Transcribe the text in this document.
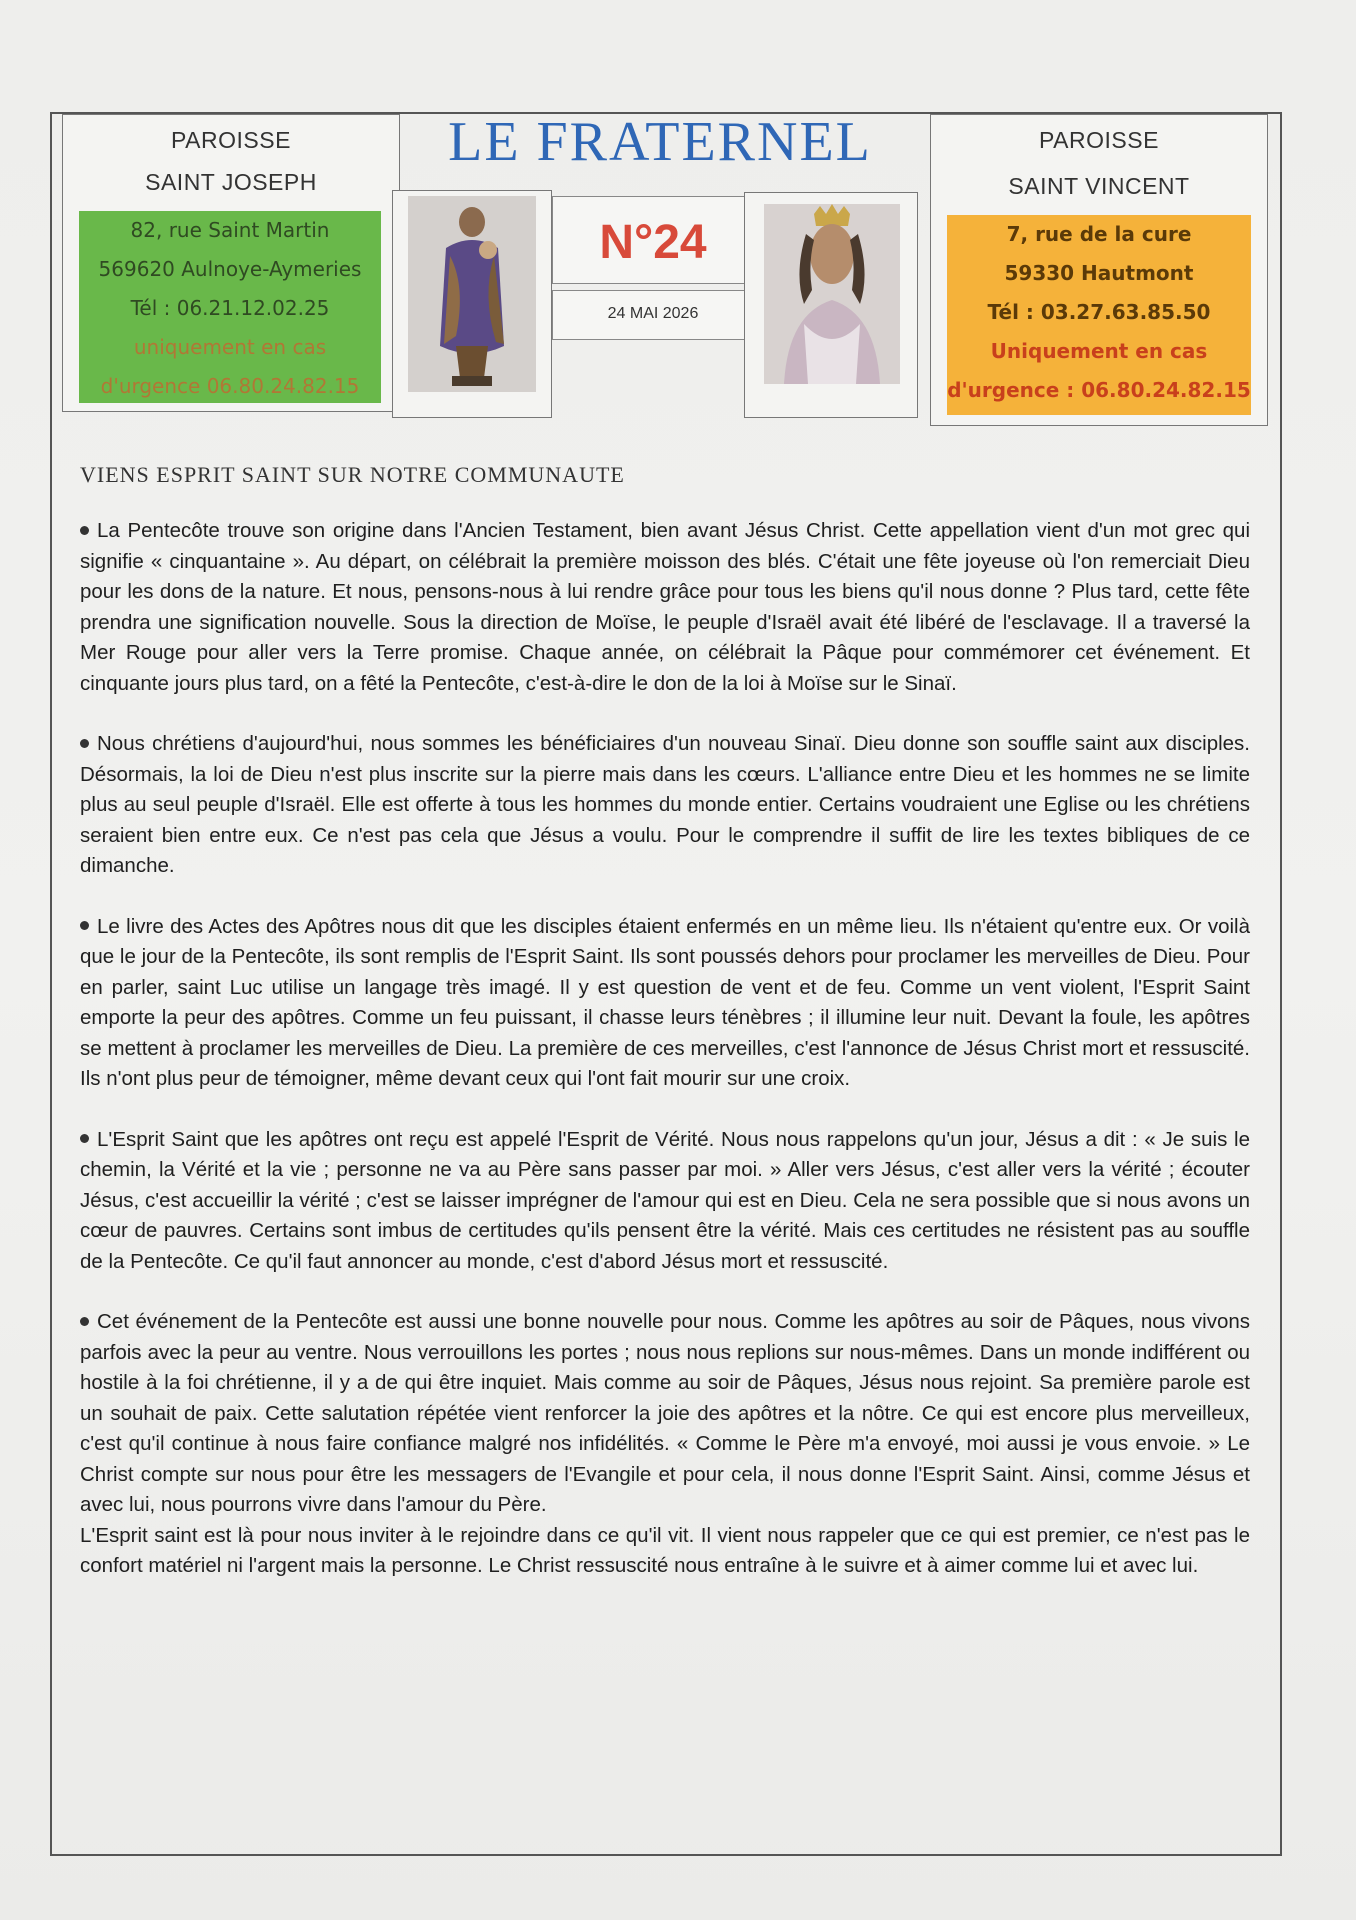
PAROISSE
SAINT JOSEPH
82, rue Saint Martin
569620 Aulnoye-Aymeries
Tél : 06.21.12.02.25
uniquement en cas
d'urgence 06.80.24.82.15
LE FRATERNEL
N°24
24 MAI 2026
PAROISSE
SAINT VINCENT
7, rue de la cure
59330 Hautmont
Tél : 03.27.63.85.50
Uniquement en cas
d'urgence : 06.80.24.82.15
VIENS ESPRIT SAINT SUR NOTRE COMMUNAUTE

La Pentecôte trouve son origine dans l'Ancien Testament, bien avant Jésus Christ. Cette appellation vient d'un mot grec qui signifie « cinquantaine ». Au départ, on célébrait la première moisson des blés. C'était une fête joyeuse où l'on remerciait Dieu pour les dons de la nature. Et nous, pensons-nous à lui rendre grâce pour tous les biens qu'il nous donne ? Plus tard, cette fête prendra une signification nouvelle. Sous la direction de Moïse, le peuple d'Israël avait été libéré de l'esclavage. Il a traversé la Mer Rouge pour aller vers la Terre promise. Chaque année, on célébrait la Pâque pour commémorer cet événement. Et cinquante jours plus tard, on a fêté la Pentecôte, c'est-à-dire le don de la loi à Moïse sur le Sinaï.

Nous chrétiens d'aujourd'hui, nous sommes les bénéficiaires d'un nouveau Sinaï. Dieu donne son souffle saint aux disciples. Désormais, la loi de Dieu n'est plus inscrite sur la pierre mais dans les cœurs. L'alliance entre Dieu et les hommes ne se limite plus au seul peuple d'Israël. Elle est offerte à tous les hommes du monde entier. Certains voudraient une Eglise ou les chrétiens seraient bien entre eux. Ce n'est pas cela que Jésus a voulu. Pour le comprendre il suffit de lire les textes bibliques de ce dimanche.

Le livre des Actes des Apôtres nous dit que les disciples étaient enfermés en un même lieu. Ils n'étaient qu'entre eux. Or voilà que le jour de la Pentecôte, ils sont remplis de l'Esprit Saint. Ils sont poussés dehors pour proclamer les merveilles de Dieu. Pour en parler, saint Luc utilise un langage très imagé. Il y est question de vent et de feu. Comme un vent violent, l'Esprit Saint emporte la peur des apôtres. Comme un feu puissant, il chasse leurs ténèbres ; il illumine leur nuit. Devant la foule, les apôtres se mettent à proclamer les merveilles de Dieu. La première de ces merveilles, c'est l'annonce de Jésus Christ mort et ressuscité. Ils n'ont plus peur de témoigner, même devant ceux qui l'ont fait mourir sur une croix.

L'Esprit Saint que les apôtres ont reçu est appelé l'Esprit de Vérité. Nous nous rappelons qu'un jour, Jésus a dit : « Je suis le chemin, la Vérité et la vie ; personne ne va au Père sans passer par moi. » Aller vers Jésus, c'est aller vers la vérité ; écouter Jésus, c'est accueillir la vérité ; c'est se laisser imprégner de l'amour qui est en Dieu. Cela ne sera possible que si nous avons un cœur de pauvres. Certains sont imbus de certitudes qu'ils pensent être la vérité. Mais ces certitudes ne résistent pas au souffle de la Pentecôte. Ce qu'il faut annoncer au monde, c'est d'abord Jésus mort et ressuscité.

Cet événement de la Pentecôte est aussi une bonne nouvelle pour nous. Comme les apôtres au soir de Pâques, nous vivons parfois avec la peur au ventre. Nous verrouillons les portes ; nous nous replions sur nous-mêmes. Dans un monde indifférent ou hostile à la foi chrétienne, il y a de qui être inquiet. Mais comme au soir de Pâques, Jésus nous rejoint. Sa première parole est un souhait de paix. Cette salutation répétée vient renforcer la joie des apôtres et la nôtre. Ce qui est encore plus merveilleux, c'est qu'il continue à nous faire confiance malgré nos infidélités. « Comme le Père m'a envoyé, moi aussi je vous envoie. » Le Christ compte sur nous pour être les messagers de l'Evangile et pour cela, il nous donne l'Esprit Saint. Ainsi, comme Jésus et avec lui, nous pourrons vivre dans l'amour du Père.

L'Esprit saint est là pour nous inviter à le rejoindre dans ce qu'il vit. Il vient nous rappeler que ce qui est premier, ce n'est pas le confort matériel ni l'argent mais la personne. Le Christ ressuscité nous entraîne à le suivre et à aimer comme lui et avec lui.
